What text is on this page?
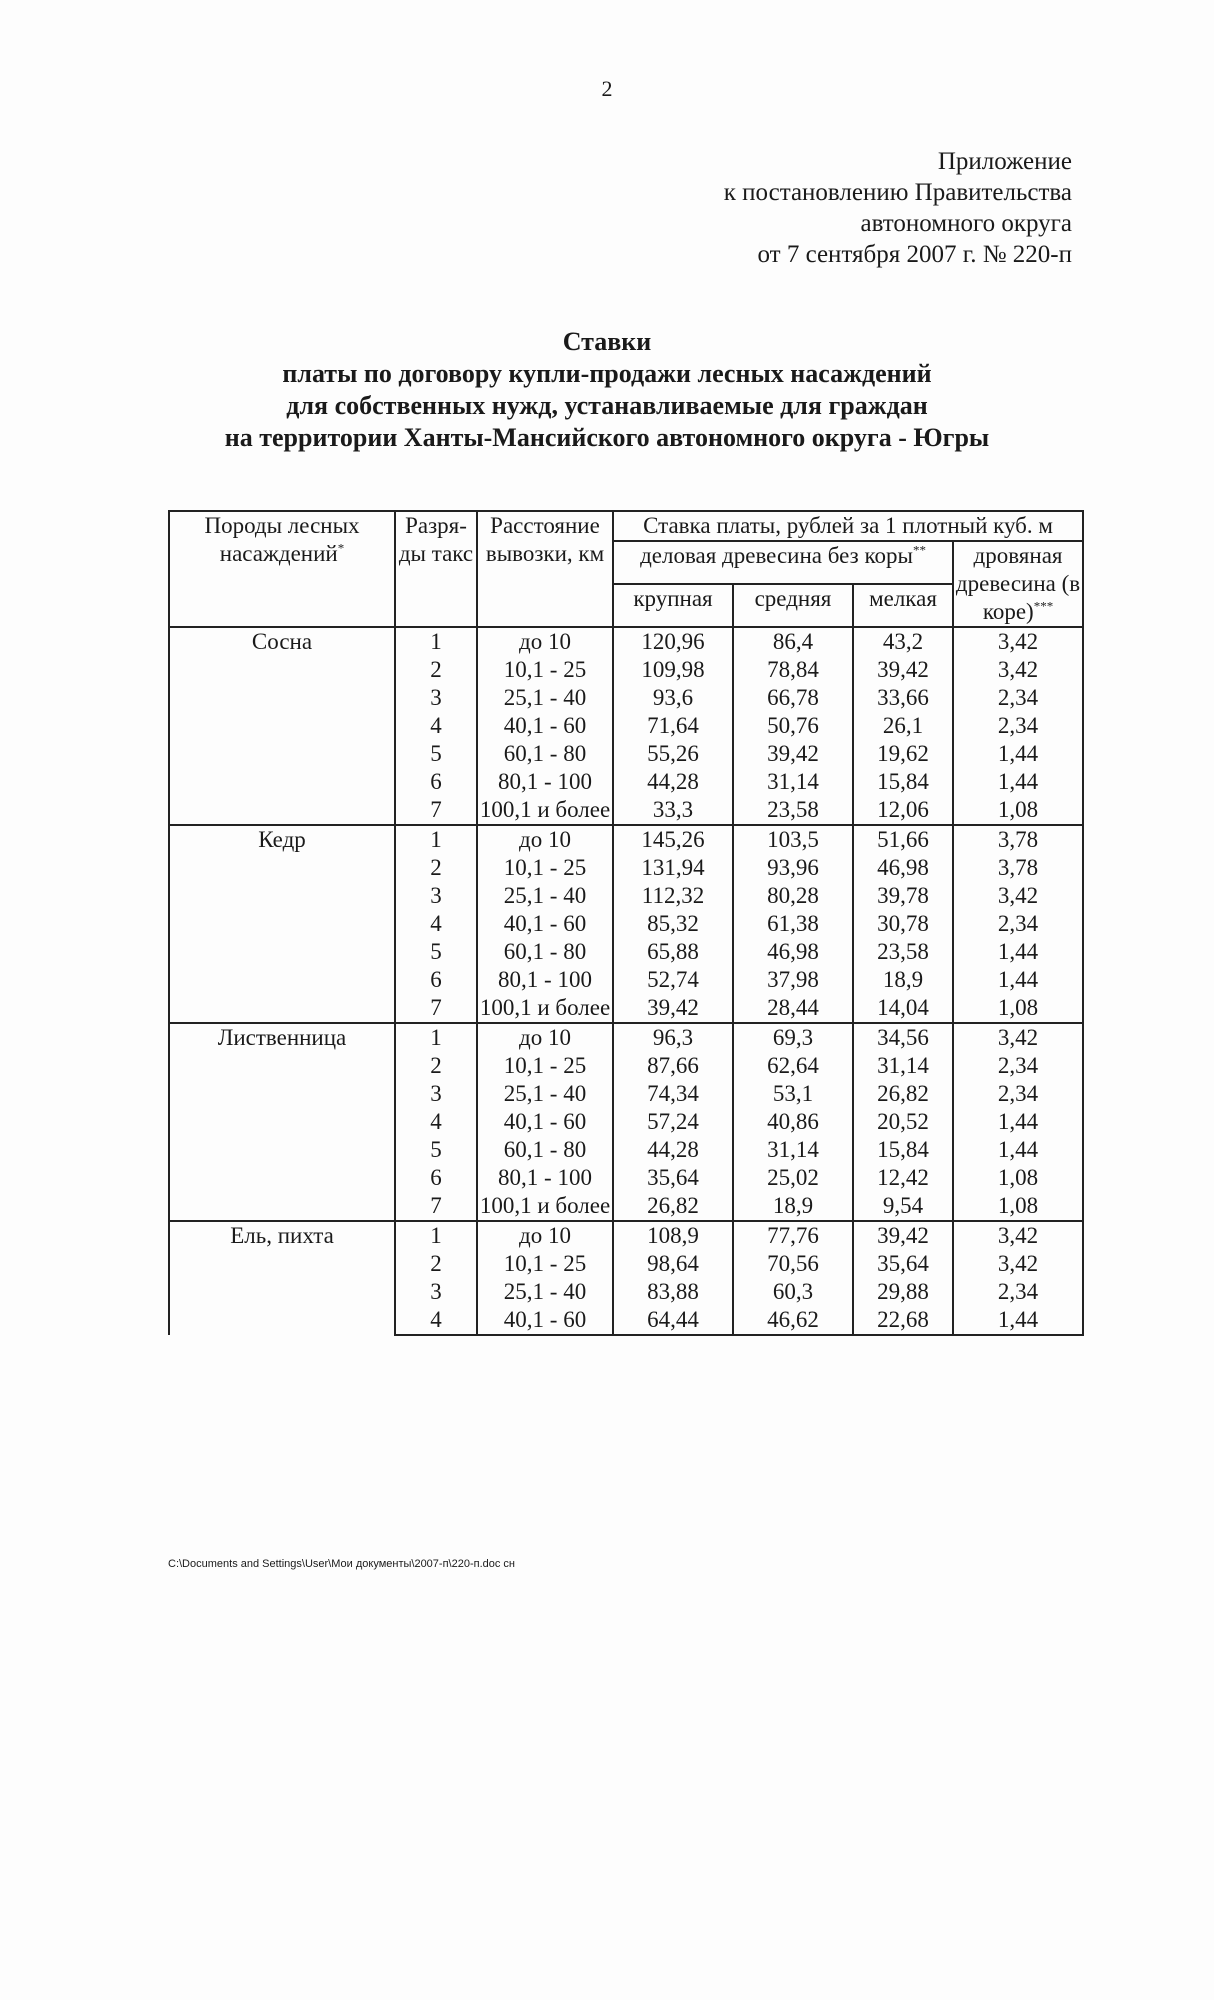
2
Приложение
к постановлению Правительства
автономного округа
от 7 сентября 2007 г. № 220-п
Ставки
платы по договору купли-продажи лесных насаждений
для собственных нужд, устанавливаемые для граждан
на территории Ханты-Мансийского автономного округа - Югры
Породы лесных насаждений*	Разря-ды такс	Расстояние вывозки, км	Ставка платы, рублей за 1 плотный куб. м			
			деловая древесина без коры**			дровяная древесина (в коре)***
			крупная	средняя	мелкая	
Сосна	1	до 10	120,96	86,4	43,2	3,42
	2	10,1 - 25	109,98	78,84	39,42	3,42
	3	25,1 - 40	93,6	66,78	33,66	2,34
	4	40,1 - 60	71,64	50,76	26,1	2,34
	5	60,1 - 80	55,26	39,42	19,62	1,44
	6	80,1 - 100	44,28	31,14	15,84	1,44
	7	100,1 и более	33,3	23,58	12,06	1,08
Кедр	1	до 10	145,26	103,5	51,66	3,78
	2	10,1 - 25	131,94	93,96	46,98	3,78
	3	25,1 - 40	112,32	80,28	39,78	3,42
	4	40,1 - 60	85,32	61,38	30,78	2,34
	5	60,1 - 80	65,88	46,98	23,58	1,44
	6	80,1 - 100	52,74	37,98	18,9	1,44
	7	100,1 и более	39,42	28,44	14,04	1,08
Лиственница	1	до 10	96,3	69,3	34,56	3,42
	2	10,1 - 25	87,66	62,64	31,14	2,34
	3	25,1 - 40	74,34	53,1	26,82	2,34
	4	40,1 - 60	57,24	40,86	20,52	1,44
	5	60,1 - 80	44,28	31,14	15,84	1,44
	6	80,1 - 100	35,64	25,02	12,42	1,08
	7	100,1 и более	26,82	18,9	9,54	1,08
Ель, пихта	1	до 10	108,9	77,76	39,42	3,42
	2	10,1 - 25	98,64	70,56	35,64	3,42
	3	25,1 - 40	83,88	60,3	29,88	2,34
	4	40,1 - 60	64,44	46,62	22,68	1,44
C:\Documents and Settings\User\Мои документы\2007-п\220-п.doc сн
